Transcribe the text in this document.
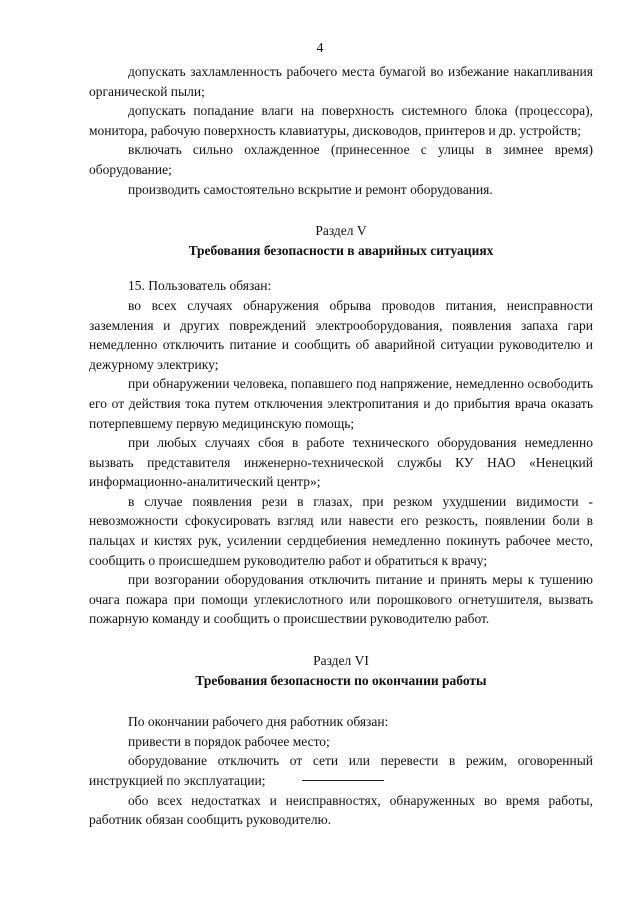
4

допускать захламленность рабочего места бумагой во избежание накапливания органической пыли;

допускать попадание влаги на поверхность системного блока (процессора), монитора, рабочую поверхность клавиатуры, дисководов, принтеров и др. устройств;

включать сильно охлажденное (принесенное с улицы в зимнее время) оборудование;

производить самостоятельно вскрытие и ремонт оборудования.

Раздел V

Требования безопасности в аварийных ситуациях

15. Пользователь обязан:

во всех случаях обнаружения обрыва проводов питания, неисправности заземления и других повреждений электрооборудования, появления запаха гари немедленно отключить питание и сообщить об аварийной ситуации руководителю и дежурному электрику;

при обнаружении человека, попавшего под напряжение, немедленно освободить его от действия тока путем отключения электропитания и до прибытия врача оказать потерпевшему первую медицинскую помощь;

при любых случаях сбоя в работе технического оборудования немедленно вызвать представителя инженерно-технической службы КУ НАО «Ненецкий информационно-аналитический центр»;

в случае появления рези в глазах, при резком ухудшении видимости - невозможности сфокусировать взгляд или навести его резкость, появлении боли в пальцах и кистях рук, усилении сердцебиения немедленно покинуть рабочее место, сообщить о происшедшем руководителю работ и обратиться к врачу;

при возгорании оборудования отключить питание и принять меры к тушению очага пожара при помощи углекислотного или порошкового огнетушителя, вызвать пожарную команду и сообщить о происшествии руководителю работ.

Раздел VI

Требования безопасности по окончании работы

По окончании рабочего дня работник обязан:

привести в порядок рабочее место;

оборудование отключить от сети или перевести в режим, оговоренный инструкцией по эксплуатации;

обо всех недостатках и неисправностях, обнаруженных во время работы, работник обязан сообщить руководителю.
